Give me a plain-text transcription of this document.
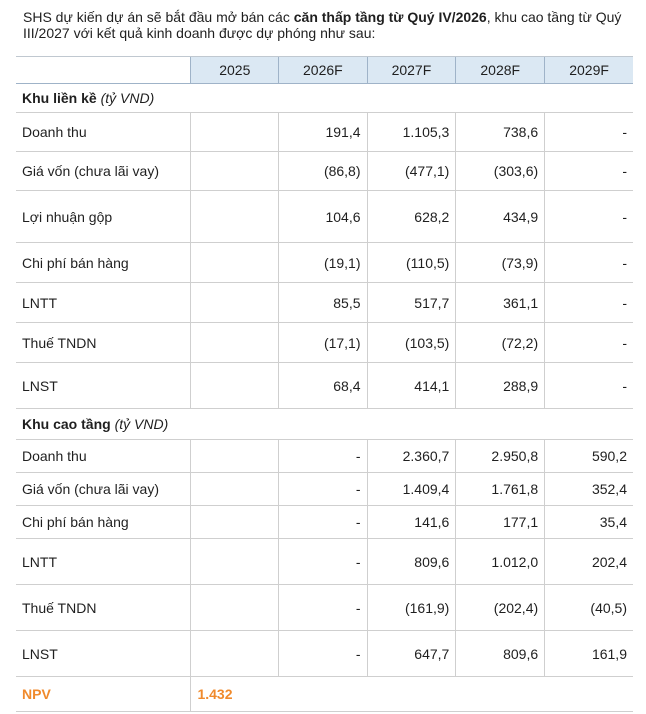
SHS dự kiến dự án sẽ bắt đầu mở bán các căn thấp tầng từ Quý IV/2026, khu cao tầng từ Quý III/2027 với kết quả kinh doanh được dự phóng như sau:
	2025	2026F	2027F	2028F	2029F
Khu liền kề (tỷ VND)					
Doanh thu		191,4	1.105,3	738,6	-
Giá vốn (chưa lãi vay)		(86,8)	(477,1)	(303,6)	-
Lợi nhuận gộp		104,6	628,2	434,9	-
Chi phí bán hàng		(19,1)	(110,5)	(73,9)	-
LNTT		85,5	517,7	361,1	-
Thuế TNDN		(17,1)	(103,5)	(72,2)	-
LNST		68,4	414,1	288,9	-
Khu cao tầng (tỷ VND)					
Doanh thu		-	2.360,7	2.950,8	590,2
Giá vốn (chưa lãi vay)		-	1.409,4	1.761,8	352,4
Chi phí bán hàng		-	141,6	177,1	35,4
LNTT		-	809,6	1.012,0	202,4
Thuế TNDN		-	(161,9)	(202,4)	(40,5)
LNST		-	647,7	809,6	161,9
NPV	1.432				
